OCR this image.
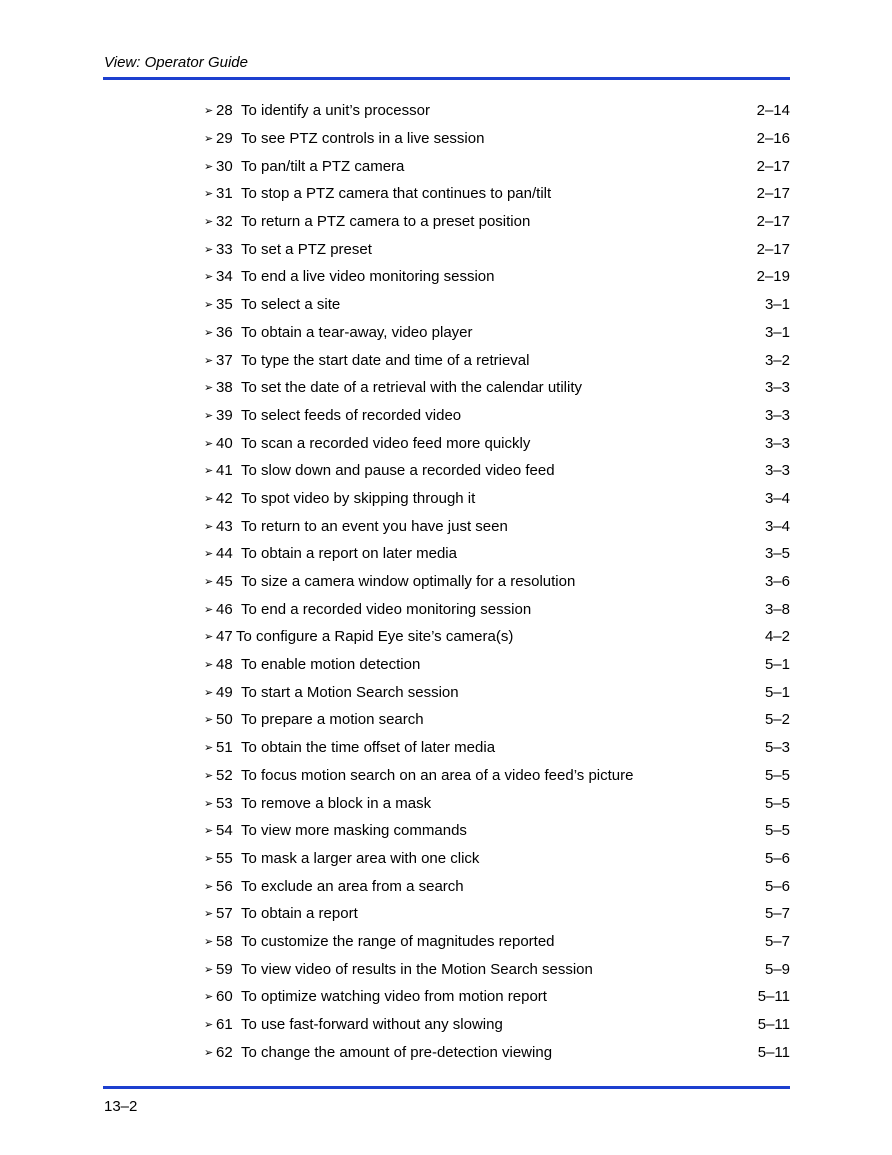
View: Operator Guide
➢ 28 To identify a unit’s processor	2–14
➢ 29 To see PTZ controls in a live session	2–16
➢ 30 To pan/tilt a PTZ camera	2–17
➢ 31 To stop a PTZ camera that continues to pan/tilt	2–17
➢ 32 To return a PTZ camera to a preset position	2–17
➢ 33 To set a PTZ preset	2–17
➢ 34 To end a live video monitoring session	2–19
➢ 35 To select a site	3–1
➢ 36 To obtain a tear-away, video player	3–1
➢ 37 To type the start date and time of a retrieval	3–2
➢ 38 To set the date of a retrieval with the calendar utility	3–3
➢ 39 To select feeds of recorded video	3–3
➢ 40 To scan a recorded video feed more quickly	3–3
➢ 41 To slow down and pause a recorded video feed	3–3
➢ 42 To spot video by skipping through it	3–4
➢ 43 To return to an event you have just seen	3–4
➢ 44 To obtain a report on later media	3–5
➢ 45 To size a camera window optimally for a resolution	3–6
➢ 46 To end a recorded video monitoring session	3–8
➢ 47 To configure a Rapid Eye site’s camera(s)	4–2
➢ 48 To enable motion detection	5–1
➢ 49 To start a Motion Search session	5–1
➢ 50 To prepare a motion search	5–2
➢ 51 To obtain the time offset of later media	5–3
➢ 52 To focus motion search on an area of a video feed’s picture	5–5
➢ 53 To remove a block in a mask	5–5
➢ 54 To view more masking commands	5–5
➢ 55 To mask a larger area with one click	5–6
➢ 56 To exclude an area from a search	5–6
➢ 57 To obtain a report	5–7
➢ 58 To customize the range of magnitudes reported	5–7
➢ 59 To view video of results in the Motion Search session	5–9
➢ 60 To optimize watching video from motion report	5–11
➢ 61 To use fast-forward without any slowing	5–11
➢ 62 To change the amount of pre-detection viewing	5–11
13–2
